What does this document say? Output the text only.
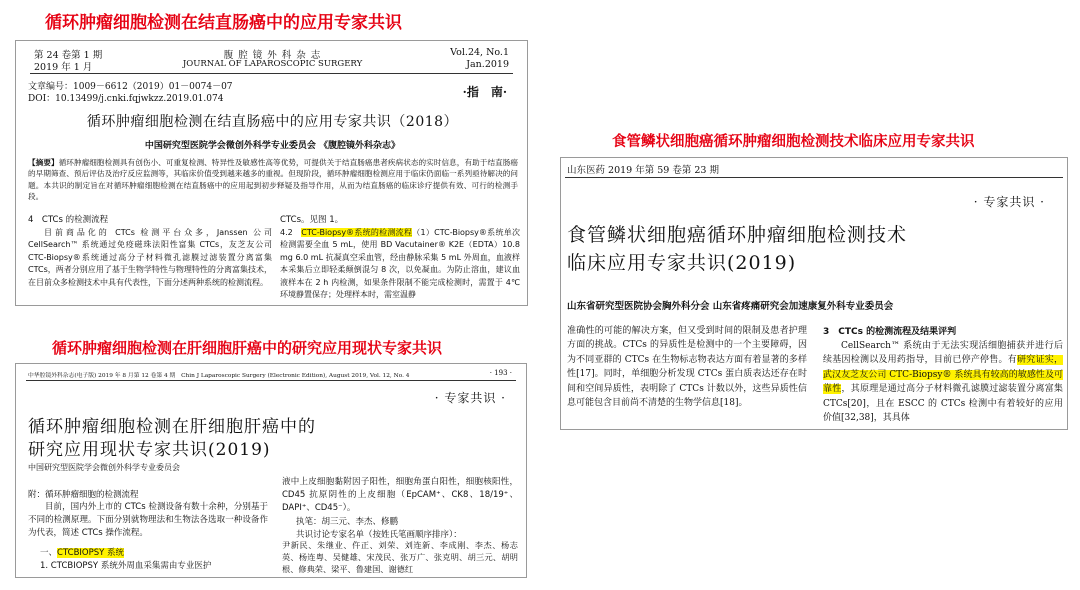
循环肿瘤细胞检测在结直肠癌中的应用专家共识
食管鳞状细胞癌循环肿瘤细胞检测技术临床应用专家共识
循环肿瘤细胞检测在肝细胞肝癌中的研究应用现状专家共识
第 24 卷第 1 期
2019 年 1 月
腹 腔 镜 外 科 杂 志
JOURNAL OF LAPAROSCOPIC SURGERY
Vol.24, No.1
Jan.2019
文章编号：1009－6612（2019）01－0074－07
DOI：10.13499/j.cnki.fqjwkzz.2019.01.074	·指　南·
循环肿瘤细胞检测在结直肠癌中的应用专家共识（2018）
中国研究型医院学会微创外科学专业委员会 《腹腔镜外科杂志》
【摘要】循环肿瘤细胞检测具有创伤小、可重复检测、特异性及敏感性高等优势，可提供关于结直肠癌患者疾病状态的实时信息，有助于结直肠癌的早期筛查、预后评估及治疗反应监测等，其临床价值受到越来越多的重视。但现阶段，循环肿瘤细胞检测应用于临床仍面临一系列亟待解决的问题。本共识的制定旨在对循环肿瘤细胞检测在结直肠癌中的应用起到初步释疑及指导作用，从而为结直肠癌的临床诊疗提供有效、可行的检测手段。
4　CTCs 的检测流程
目前商品化的 CTCs 检测平台众多，Janssen 公司 CellSearch™ 系统通过免疫磁珠法阳性富集 CTCs，友芝友公司CTC-Biopsy®系统通过高分子材料微孔滤膜过滤装置分离富集 CTCs，两者分别应用了基于生物学特性与物理特性的分离富集技术，在目前众多检测技术中具有代表性，下面分述两种系统的检测流程。
CTCs。见图 1。
4.2　 CTC-Biopsy®系统的检测流程（1）CTC-Biopsy®系统单次检测需要全血 5 mL，使用 BD Vacutainer® K2E（EDTA）10.8 mg 6.0 mL 抗凝真空采血管，经由静脉采集 5 mL 外周血，血液样本采集后立即轻柔颠倒混匀 8 次，以免凝血。为防止溶血，建议血液样本在 2 h 内检测，如果条件限制不能完成检测时，需置于 4℃ 环境静置保存；处理样本时，需室温静
山东医药 2019 年第 59 卷第 23 期
· 专家共识 ·
食管鳞状细胞癌循环肿瘤细胞检测技术
临床应用专家共识(2019)
山东省研究型医院协会胸外科分会 山东省疼痛研究会加速康复外科专业委员会
准确性的可能的解决方案，但又受到时间的限制及患者护理方面的挑战。CTCs 的异质性是检测中的一个主要障碍，因为不同亚群的 CTCs 在生物标志物表达方面有着显著的多样性[17]。同时，单细胞分析发现 CTCs 蛋白质表达还存在时间和空间异质性，表明除了 CTCs 计数以外，这些异质性信息可能包含目前尚不清楚的生物学信息[18]。
3　CTCs 的检测流程及结果评判
CellSearch™ 系统由于无法实现活细胞捕获并进行后续基因检测以及用药指导，目前已停产停售。有研究证实，武汉友芝友公司 CTC-Biopsy® 系统具有较高的敏感性及可靠性，其原理是通过高分子材料微孔滤膜过滤装置分离富集 CTCs[20]，且在 ESCC 的 CTCs 检测中有着较好的应用价值[32,38]，其具体
中华腔镜外科杂志(电子版) 2019 年 8 月第 12 卷第 4 期　Chin J Laparoscopic Surgery (Electronic Edition), August 2019, Vol. 12, No. 4	· 193 ·
· 专家共识 ·
循环肿瘤细胞检测在肝细胞肝癌中的
研究应用现状专家共识(2019)
中国研究型医院学会微创外科学专业委员会
附：循环肿瘤细胞的检测流程
目前，国内外上市的 CTCs 检测设备有数十余种，分别基于不同的检测原理。下面分别就物理法和生物法各选取一种设备作为代表，简述 CTCs 操作流程。
一、CTCBIOPSY 系统
1. CTCBIOPSY 系统外周血采集需由专业医护
液中上皮细胞黏附因子阳性，细胞角蛋白阳性，细胞核阳性，CD45 抗原阴性的上皮细胞（EpCAM⁺、CK8、18/19⁺、DAPI⁺、CD45⁻）。
执笔：胡三元、李杰、修鹏
共识讨论专家名单（按姓氏笔画顺序排序）：
尹新民、朱继业、仵正、刘荣、刘连新、李成刚、李杰、杨志英、杨连粤、吴健雄、宋茂民、张万广、张克明、胡三元、胡明根、修典荣、梁平、鲁建国、谢德红
